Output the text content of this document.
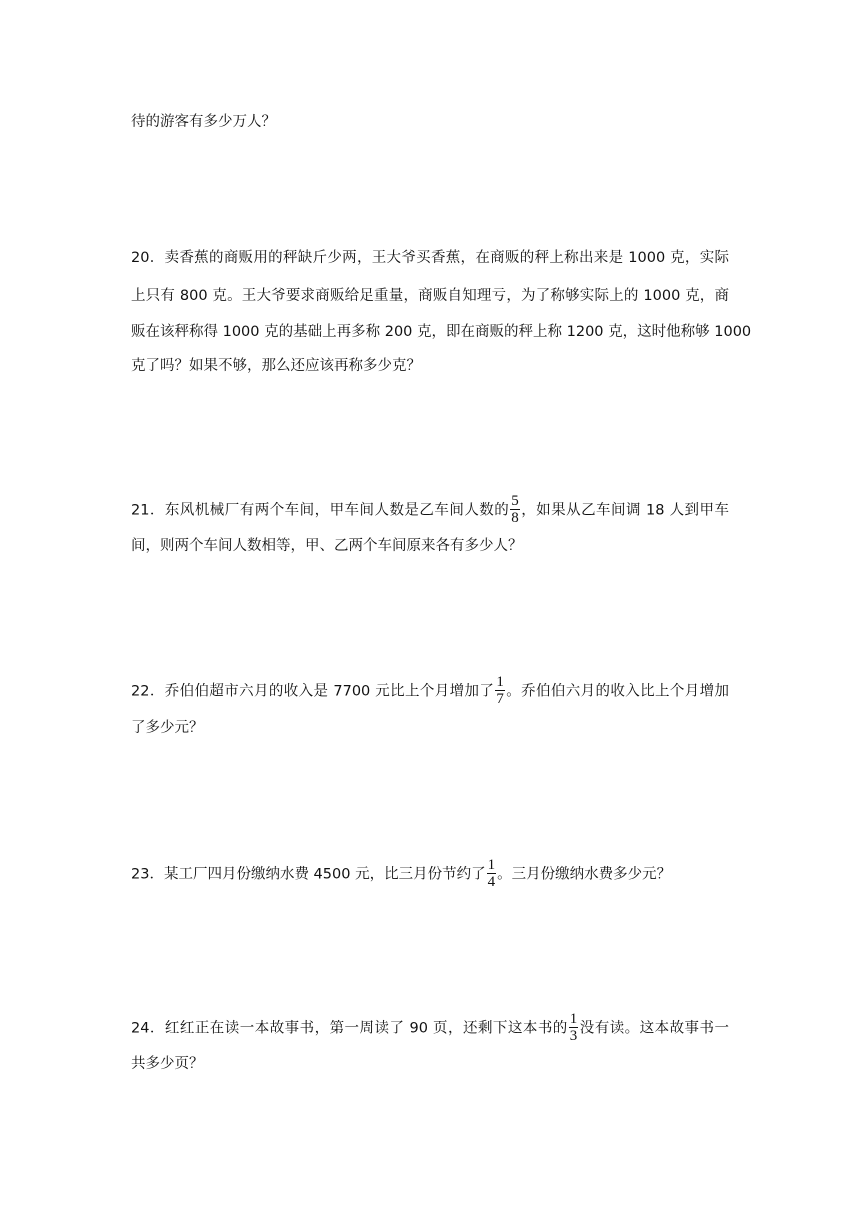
待的游客有多少万人？
20．卖香蕉的商贩用的秤缺斤少两，王大爷买香蕉，在商贩的秤上称出来是 1000 克，实际
上只有 800 克。王大爷要求商贩给足重量，商贩自知理亏，为了称够实际上的 1000 克，商
贩在该秤称得 1000 克的基础上再多称 200 克，即在商贩的秤上称 1200 克，这时他称够 1000
克了吗？如果不够，那么还应该再称多少克？
21．东风机械厂有两个车间，甲车间人数是乙车间人数的 $\frac{5}{8}$ ，如果从乙车间调 18 人到甲车
间，则两个车间人数相等，甲、乙两个车间原来各有多少人？
22．乔伯伯超市六月的收入是 7700 元比上个月增加了 $\frac{1}{7}$ 。乔伯伯六月的收入比上个月增加
了多少元？
23．某工厂四月份缴纳水费 4500 元，比三月份节约了 $\frac{1}{4}$ 。三月份缴纳水费多少元？
24．红红正在读一本故事书，第一周读了 90 页，还剩下这本书的 $\frac{1}{3}$ 没有读。这本故事书一
共多少页？
